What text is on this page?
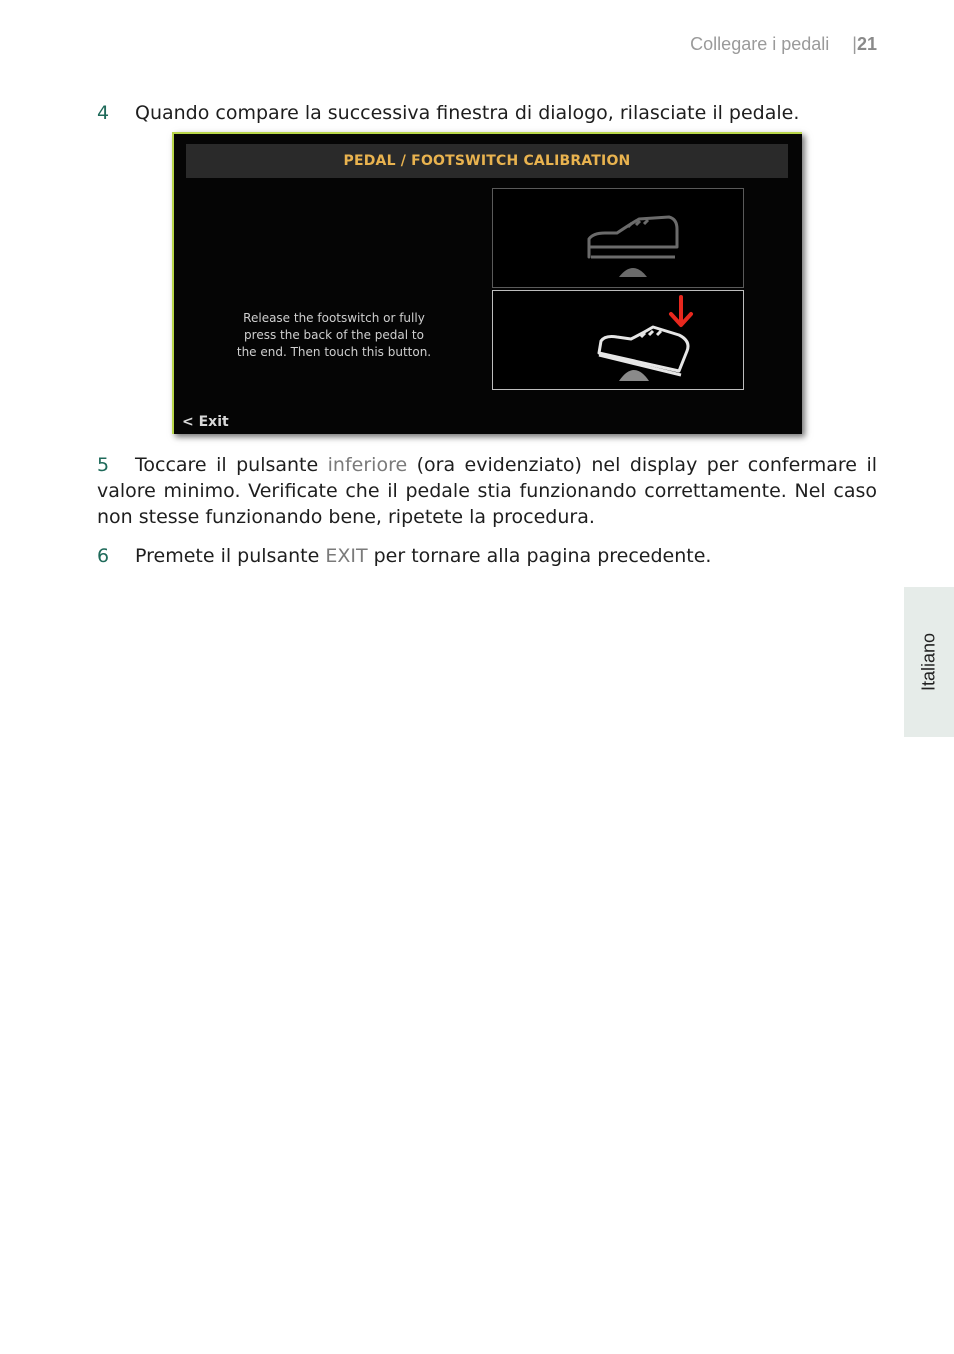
Collegare i pedali |21
4 Quando compare la successiva finestra di dialogo, rilasciate il pedale.
PEDAL / FOOTSWITCH CALIBRATION
Release the footswitch or fully press the back of the pedal to the end. Then touch this button.
< Exit
5 Toccare il pulsante inferiore (ora evidenziato) nel display per confermare il valore minimo. Verificate che il pedale stia funzionando correttamente. Nel caso non stesse funzionando bene, ripetete la procedura.
6 Premete il pulsante EXIT per tornare alla pagina precedente.
Italiano
